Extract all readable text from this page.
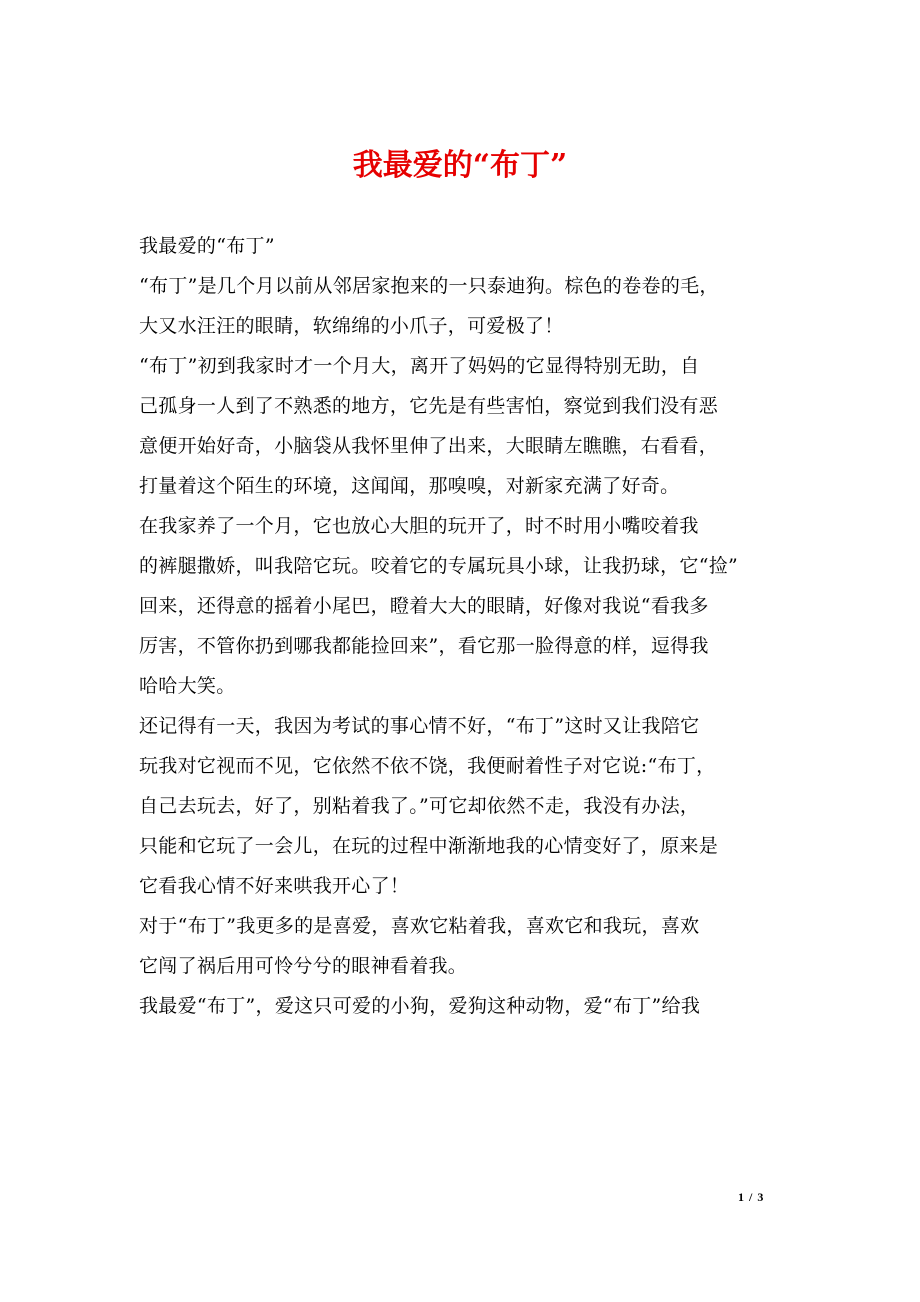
我最爱的“布丁”
我最爱的“布丁”
“布丁”是几个月以前从邻居家抱来的一只泰迪狗。棕色的卷卷的毛，
大又水汪汪的眼睛，软绵绵的小爪子，可爱极了！
“布丁”初到我家时才一个月大，离开了妈妈的它显得特别无助，自
己孤身一人到了不熟悉的地方，它先是有些害怕，察觉到我们没有恶
意便开始好奇，小脑袋从我怀里伸了出来，大眼睛左瞧瞧，右看看，
打量着这个陌生的环境，这闻闻，那嗅嗅，对新家充满了好奇。
在我家养了一个月，它也放心大胆的玩开了，时不时用小嘴咬着我
的裤腿撒娇，叫我陪它玩。咬着它的专属玩具小球，让我扔球，它“捡”
回来，还得意的摇着小尾巴，瞪着大大的眼睛，好像对我说“看我多
厉害，不管你扔到哪我都能捡回来”，看它那一脸得意的样，逗得我
哈哈大笑。
还记得有一天，我因为考试的事心情不好，“布丁”这时又让我陪它
玩我对它视而不见，它依然不依不饶，我便耐着性子对它说:“布丁，
自己去玩去，好了，别粘着我了。”可它却依然不走，我没有办法，
只能和它玩了一会儿，在玩的过程中渐渐地我的心情变好了，原来是
它看我心情不好来哄我开心了！
对于“布丁”我更多的是喜爱，喜欢它粘着我，喜欢它和我玩，喜欢
它闯了祸后用可怜兮兮的眼神看着我。
我最爱“布丁”，爱这只可爱的小狗，爱狗这种动物，爱“布丁”给我
1 / 3
